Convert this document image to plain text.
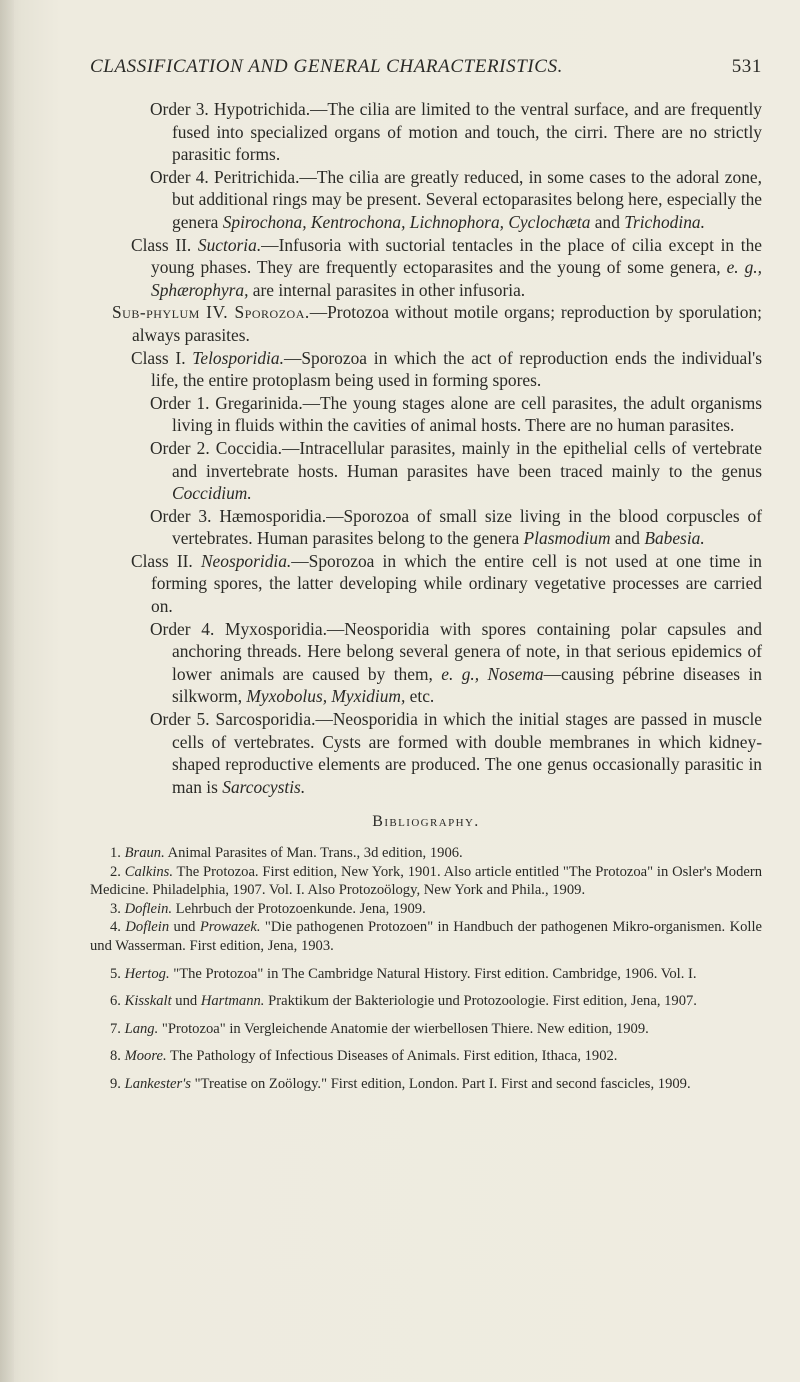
CLASSIFICATION AND GENERAL CHARACTERISTICS.	531

Order 3. Hypotrichida.—The cilia are limited to the ventral surface, and are frequently fused into specialized organs of motion and touch, the cirri. There are no strictly parasitic forms.

Order 4. Peritrichida.—The cilia are greatly reduced, in some cases to the adoral zone, but additional rings may be present. Several ectoparasites belong here, especially the genera Spirochona, Kentrochona, Lichnophora, Cyclochæta and Trichodina.

Class II. Suctoria.—Infusoria with suctorial tentacles in the place of cilia except in the young phases. They are frequently ectoparasites and the young of some genera, e. g., Sphærophyra, are internal parasites in other infusoria.

Sub-phylum IV. Sporozoa.—Protozoa without motile organs; reproduction by sporulation; always parasites.

Class I. Telosporidia.—Sporozoa in which the act of reproduction ends the individual's life, the entire protoplasm being used in forming spores.

Order 1. Gregarinida.—The young stages alone are cell parasites, the adult organisms living in fluids within the cavities of animal hosts. There are no human parasites.

Order 2. Coccidia.—Intracellular parasites, mainly in the epithelial cells of vertebrate and invertebrate hosts. Human parasites have been traced mainly to the genus Coccidium.

Order 3. Hæmosporidia.—Sporozoa of small size living in the blood corpuscles of vertebrates. Human parasites belong to the genera Plasmodium and Babesia.

Class II. Neosporidia.—Sporozoa in which the entire cell is not used at one time in forming spores, the latter developing while ordinary vegetative processes are carried on.

Order 4. Myxosporidia.—Neosporidia with spores containing polar capsules and anchoring threads. Here belong several genera of note, in that serious epidemics of lower animals are caused by them, e. g., Nosema—causing pébrine diseases in silkworm, Myxobolus, Myxidium, etc.

Order 5. Sarcosporidia.—Neosporidia in which the initial stages are passed in muscle cells of vertebrates. Cysts are formed with double membranes in which kidney-shaped reproductive elements are produced. The one genus occasionally parasitic in man is Sarcocystis.

Bibliography.

1. Braun. Animal Parasites of Man. Trans., 3d edition, 1906.

2. Calkins. The Protozoa. First edition, New York, 1901. Also article entitled "The Protozoa" in Osler's Modern Medicine. Philadelphia, 1907. Vol. I. Also Protozoölogy, New York and Phila., 1909.

3. Doflein. Lehrbuch der Protozoenkunde. Jena, 1909.

4. Doflein und Prowazek. "Die pathogenen Protozoen" in Handbuch der pathogenen Mikro-organismen. Kolle und Wasserman. First edition, Jena, 1903.

5. Hertog. "The Protozoa" in The Cambridge Natural History. First edition. Cambridge, 1906. Vol. I.

6. Kisskalt und Hartmann. Praktikum der Bakteriologie und Protozoologie. First edition, Jena, 1907.

7. Lang. "Protozoa" in Vergleichende Anatomie der wierbellosen Thiere. New edition, 1909.

8. Moore. The Pathology of Infectious Diseases of Animals. First edition, Ithaca, 1902.

9. Lankester's "Treatise on Zoölogy." First edition, London. Part I. First and second fascicles, 1909.
